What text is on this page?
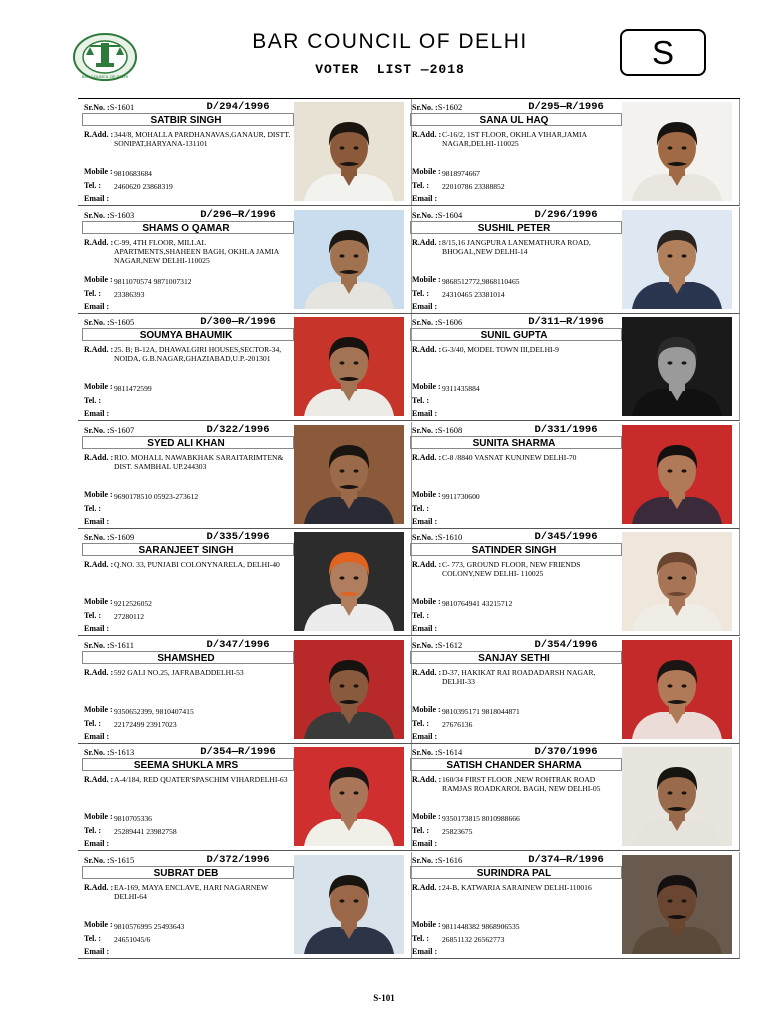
BAR COUNCIL OF DELHI
BAR COUNCIL OF DELHI
VOTER  LIST —2018	S
Sr.No. :S-1601	D/294/1996
SATBIR SINGH
R.Add. : 344/8, MOHALLA PARDHANAVAS,GANAUR, DISTT. SONIPAT,HARYANA-131101
Mobile : 9810683684
Tel. : 2460620 23868319
Email :
Sr.No. :S-1602	D/295—R/1996
SANA UL HAQ
R.Add. : C-16/2, 1ST FLOOR, OKHLA VIHAR,JAMIA NAGAR,DELHI-110025
Mobile : 9818974667
Tel. : 22010786 23388852
Email :
Sr.No. :S-1603	D/296—R/1996
SHAMS O QAMAR
R.Add. : C-99, 4TH FLOOR, MILLAL APARTMENTS,SHAHEEN BAGH, OKHLA JAMIA NAGAR,NEW DELHI-110025
Mobile : 9811070574 9871007312
Tel. : 23386393
Email :
Sr.No. :S-1604	D/296/1996
SUSHIL PETER
R.Add. : 8/15,16 JANGPURA LANEMATHURA ROAD, BHOGAL,NEW DELHI-14
Mobile : 9868512772,9868110465
Tel. : 24310465 23381014
Email :
Sr.No. :S-1605	D/300—R/1996
SOUMYA BHAUMIK
R.Add. : 25. B; B-12A, DHAWALGIRI HOUSES,SECTOR-34, NOIDA, G.B.NAGAR,GHAZIABAD,U.P.-201301
Mobile : 9811472599
Tel. :
Email :
Sr.No. :S-1606	D/311—R/1996
SUNIL GUPTA
R.Add. : G-3/40, MODEL TOWN III,DELHI-9
Mobile : 9311435884
Tel. :
Email :
Sr.No. :S-1607	D/322/1996
SYED ALI KHAN
R.Add. : RIO. MOHALL NAWABKHAK SARAITARIMTEN& DIST. SAMBHAL UP.244303
Mobile : 9690178510 05923-273612
Tel. :
Email :
Sr.No. :S-1608	D/331/1996
SUNITA SHARMA
R.Add. : C-8 /8840 VASNAT KUNJNEW DELHI-70
Mobile : 9911730600
Tel. :
Email :
Sr.No. :S-1609	D/335/1996
SARANJEET SINGH
R.Add. : Q.NO. 33, PUNJABI COLONYNARELA, DELHI-40
Mobile : 9212526052
Tel. : 27280112
Email :
Sr.No. :S-1610	D/345/1996
SATINDER SINGH
R.Add. : C- 773, GROUND FLOOR, NEW FRIENDS COLONY,NEW DELHI- 110025
Mobile : 9810764941 43215712
Tel. :
Email :
Sr.No. :S-1611	D/347/1996
SHAMSHED
R.Add. : 592 GALI NO.25, JAFRABADDELHI-53
Mobile : 9350652399, 9810407415
Tel. : 22172499 23917023
Email :
Sr.No. :S-1612	D/354/1996
SANJAY SETHI
R.Add. : D-37, HAKIKAT RAI ROADADARSH NAGAR, DELHI-33
Mobile : 9810395171 9818044871
Tel. : 27676136
Email :
Sr.No. :S-1613	D/354—R/1996
SEEMA SHUKLA MRS
R.Add. : A-4/184, RED QUATER'SPASCHIM VIHARDELHI-63
Mobile : 9810705336
Tel. : 25289441 23982758
Email :
Sr.No. :S-1614	D/370/1996
SATISH CHANDER SHARMA
R.Add. : 160/34 FIRST FLOOR ,NEW ROHTRAK ROAD RAMJAS ROADKAROL BAGH, NEW DELHI-05
Mobile : 9350173815 8010988666
Tel. : 25823675
Email :
Sr.No. :S-1615	D/372/1996
SUBRAT DEB
R.Add. : EA-169, MAYA ENCLAVE, HARI NAGARNEW DELHI-64
Mobile : 9810576995 25493643
Tel. : 24651045/6
Email :
Sr.No. :S-1616	D/374—R/1996
SURINDRA PAL
R.Add. : 24-B, KATWARIA SARAINEW DELHI-110016
Mobile : 9811448382 9868906535
Tel. : 26851132 26562773
Email :
S-101
